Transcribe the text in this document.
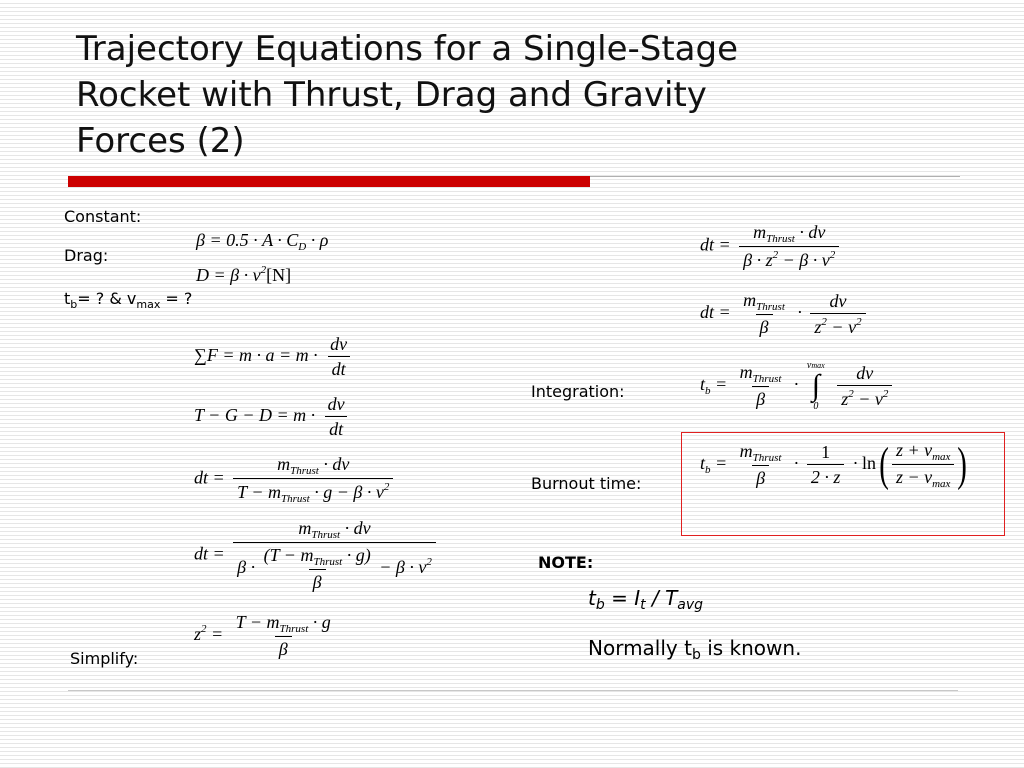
Trajectory Equations for a Single-Stage
Rocket with Thrust, Drag and Gravity
Forces (2)
Constant:
Drag:
$t_b=$ ? & $v_{max}$ = ?
Simplify:
$\beta = 0.5 \cdot A \cdot C_D \cdot \rho$
$D = \beta \cdot v^2[N]$
$\sum F = m \cdot a = m \cdot \frac{dv}{dt}$
$T - G - D = m \cdot \frac{dv}{dt}$
dt = $\frac{m_{Thrust} \cdot dv}{T - m_{Thrust} \cdot g - \beta \cdot v^2}$
dt =
$m_{Thrust}$ · dv
$\beta \cdot \frac{(T - m_{Thrust} \cdot g)}{\beta} - \beta \cdot v^2$
$z^2 = \frac{T - m_{Thrust} \cdot g}{\beta}$
Integration:
Burnout time:
dt = $\frac{m_{Thrust} \cdot dv}{\beta \cdot z^2 - \beta \cdot v^2}$
dt = $\frac{m_{Thrust}}{\beta} \cdot \frac{dv}{z^2 - v^2}$
$t_b = \frac{m_{Thrust}}{\beta}$ ·
vmax
∫
0
$\frac{dv}{z^2 - v^2}$
$t_b = \frac{m_{Thrust}}{\beta} \cdot \frac{1}{2 \cdot z} \cdot \ln( \frac{z + v_{max}}{z - v_{max}}$ )
NOTE:
$t_b = I_t / T_{avg}$
Normally $t_b$ is known.
